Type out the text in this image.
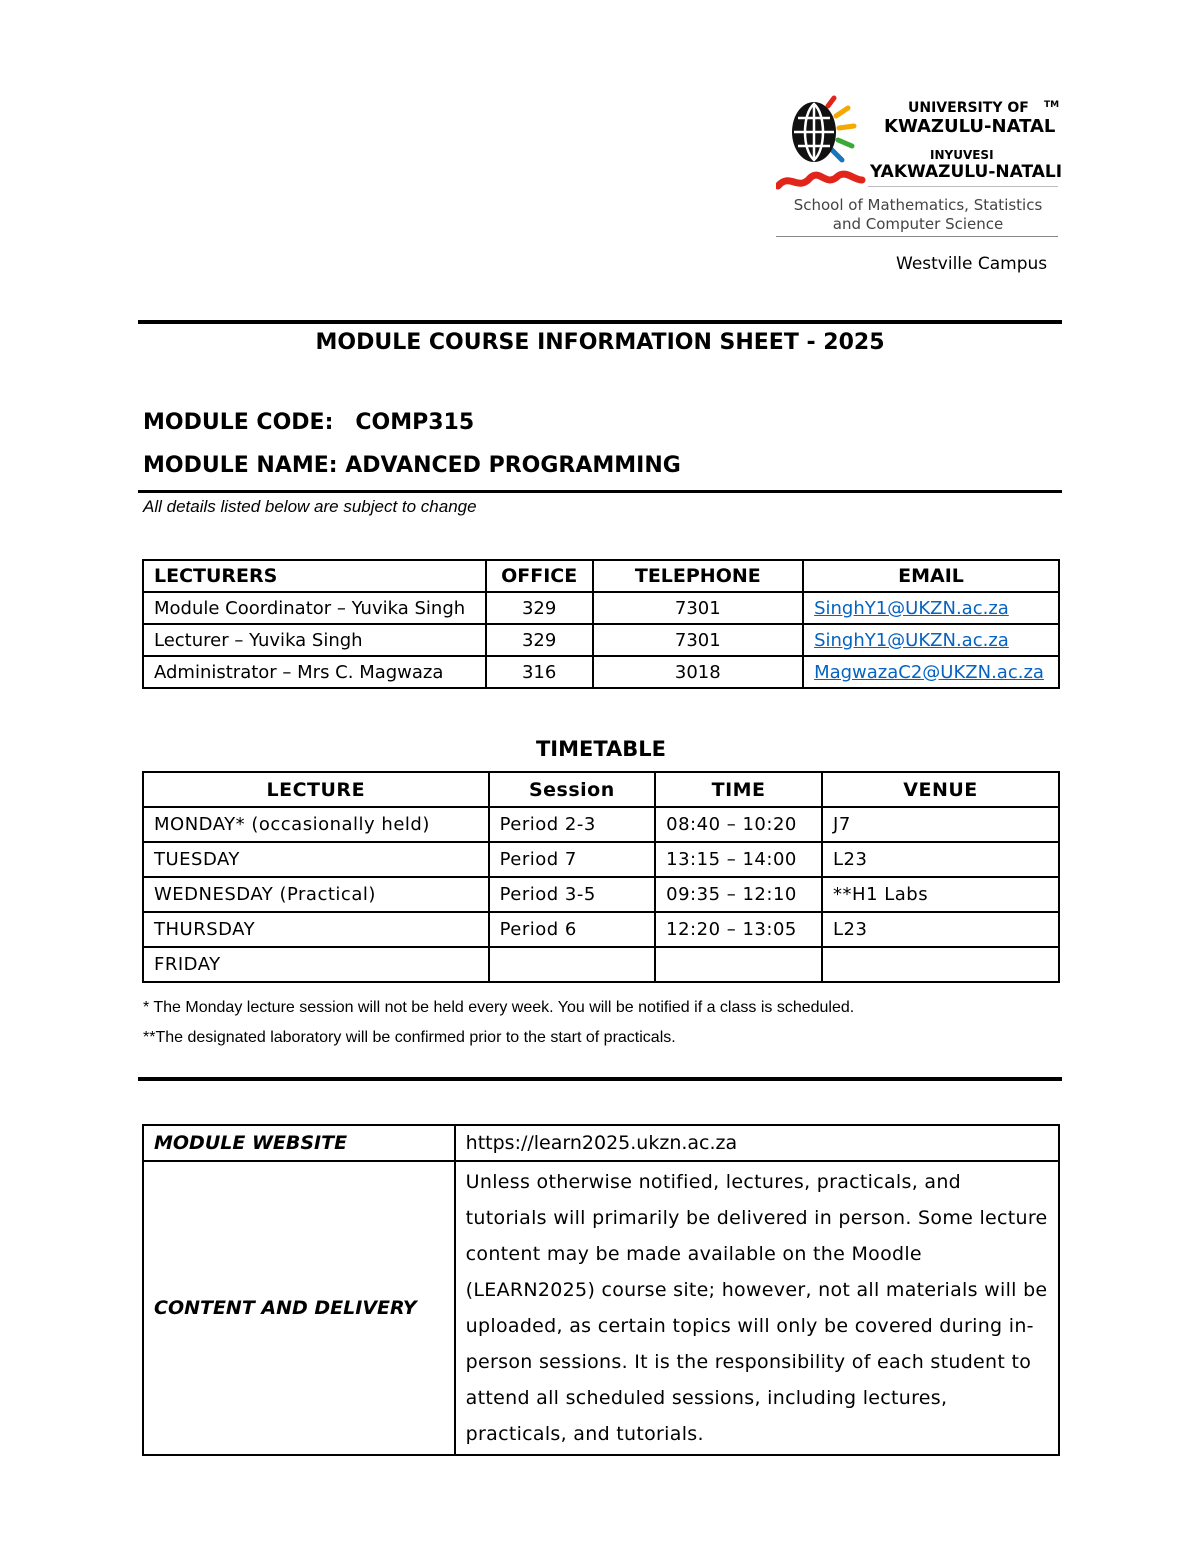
UNIVERSITY OF TM
KWAZULU-NATAL
INYUVESI
YAKWAZULU-NATALI
School of Mathematics, Statistics
and Computer Science
Westville Campus
MODULE COURSE INFORMATION SHEET - 2025
MODULE CODE: COMP315
MODULE NAME: ADVANCED PROGRAMMING
All details listed below are subject to change
LECTURERS	OFFICE	TELEPHONE	EMAIL
Module Coordinator – Yuvika Singh	329	7301	SinghY1@UKZN.ac.za
Lecturer – Yuvika Singh	329	7301	SinghY1@UKZN.ac.za
Administrator – Mrs C. Magwaza	316	3018	MagwazaC2@UKZN.ac.za
TIMETABLE
LECTURE	Session	TIME	VENUE
MONDAY* (occasionally held)	Period 2-3	08:40 – 10:20	J7
TUESDAY	Period 7	13:15 – 14:00	L23
WEDNESDAY (Practical)	Period 3-5	09:35 – 12:10	**H1 Labs
THURSDAY	Period 6	12:20 – 13:05	L23
FRIDAY			
* The Monday lecture session will not be held every week. You will be notified if a class is scheduled.
**The designated laboratory will be confirmed prior to the start of practicals.
MODULE WEBSITE	https://learn2025.ukzn.ac.za
CONTENT AND DELIVERY	Unless otherwise notified, lectures, practicals, and tutorials will primarily be delivered in person. Some lecture content may be made available on the Moodle (LEARN2025) course site; however, not all materials will be uploaded, as certain topics will only be covered during in-person sessions. It is the responsibility of each student to attend all scheduled sessions, including lectures, practicals, and tutorials.
